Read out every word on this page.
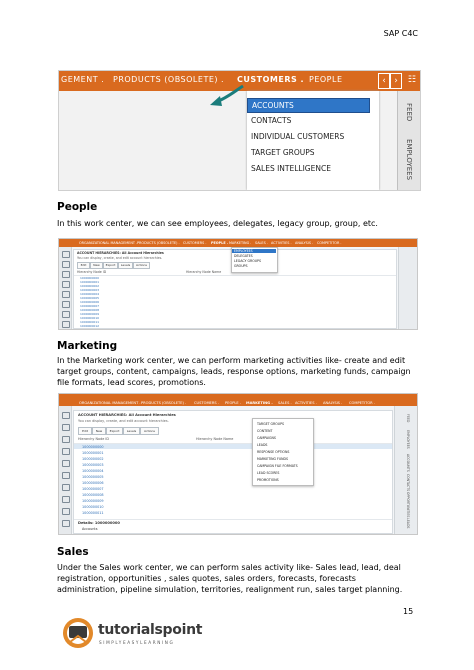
SAP C4C
GEMENT . PRODUCTS (OBSOLETE) . CUSTOMERS . PEOPLE	‹ ›	☷
ACCOUNTS
CONTACTS
INDIVIDUAL CUSTOMERS
TARGET GROUPS
SALES INTELLIGENCE
FEED
EMPLOYEES
People
In this work center, we can see employees, delegates, legacy group, group, etc.
ORGANIZATIONAL MANAGEMENT . PRODUCTS (OBSOLETE) . CUSTOMERS . PEOPLE . MARKETING . SALES . ACTIVITIES . ANALYSIS . COMPETITOR .
ACCOUNT HIERARCHIES: All Account Hierarchies
You can display, create, and edit account hierarchies.
Edit	New	Export	Levels	Actions
Hierarchy Node ID	Hierarchy Node Name
1000000000
1000000001
1000000002
1000000003
1000000004
1000000005
1000000006
1000000007
1000000008
1000000009
1000000010
1000000011
1000000012
1000000013
EMPLOYEES
DELEGATES
LEGACY GROUPS
GROUPS
Marketing
In the Marketing work center, we can perform marketing activities like- create and edit target groups, content, campaigns, leads, response options, marketing funds, campaign file formats, lead scores, promotions.
ORGANIZATIONAL MANAGEMENT . PRODUCTS (OBSOLETE) . CUSTOMERS . PEOPLE . MARKETING . SALES . ACTIVITIES . ANALYSIS . COMPETITOR .
ACCOUNT HIERARCHIES: All Account Hierarchies
You can display, create, and edit account hierarchies.
Edit	New	Export	Levels	Actions
Hierarchy Node ID	Hierarchy Node Name
1000000000
1000000001
1000000002
1000000003
1000000004
1000000005
1000000006
1000000007
1000000008
1000000009
1000000010
1000000011
Details: 1000000000
Accounts
TARGET GROUPS
CONTENT
CAMPAIGNS
LEADS
RESPONSE OPTIONS
MARKETING FUNDS
CAMPAIGN FILE FORMATS
LEAD SCORES
PROMOTIONS
FEED
EMPLOYEES
ACCOUNTS
CONTACTS
OPPORTUNITIES
LEADS
Sales
Under the Sales work center, we can perform sales activity like- Sales lead, lead, deal registration, opportunities , sales quotes, sales orders, forecasts, forecasts administration, pipeline simulation, territories, realignment run, sales target planning.
15
tutorialspoint
SIMPLYEASYLEARNING
